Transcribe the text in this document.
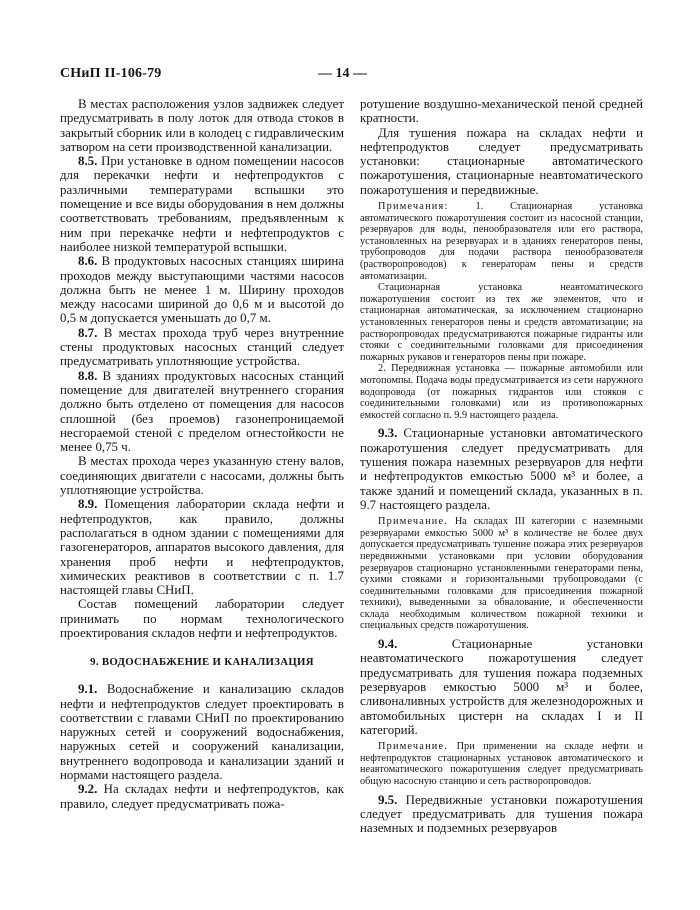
СНиП II-106-79	— 14 —

В местах расположения узлов задвижек следует предусматривать в полу лоток для отвода стоков в закрытый сборник или в колодец с гидравлическим затвором на сети производственной канализации.

8.5. При установке в одном помещении насосов для перекачки нефти и нефтепродуктов с различными температурами вспышки это помещение и все виды оборудования в нем должны соответствовать требованиям, предъявленным к ним при перекачке нефти и нефтепродуктов с наиболее низкой температурой вспышки.

8.6. В продуктовых насосных станциях ширина проходов между выступающими частями насосов должна быть не менее 1 м. Ширину проходов между насосами шириной до 0,6 м и высотой до 0,5 м допускается уменьшать до 0,7 м.

8.7. В местах прохода труб через внутренние стены продуктовых насосных станций следует предусматривать уплотняющие устройства.

8.8. В зданиях продуктовых насосных станций помещение для двигателей внутреннего сгорания должно быть отделено от помещения для насосов сплошной (без проемов) газонепроницаемой несгораемой стеной с пределом огнестойкости не менее 0,75 ч.

В местах прохода через указанную стену валов, соединяющих двигатели с насосами, должны быть уплотняющие устройства.

8.9. Помещения лаборатории склада нефти и нефтепродуктов, как правило, должны располагаться в одном здании с помещениями для газогенераторов, аппаратов высокого давления, для хранения проб нефти и нефтепродуктов, химических реактивов в соответствии с п. 1.7 настоящей главы СНиП.

Состав помещений лаборатории следует принимать по нормам технологического проектирования складов нефти и нефтепродуктов.

9. ВОДОСНАБЖЕНИЕ И КАНАЛИЗАЦИЯ

9.1. Водоснабжение и канализацию складов нефти и нефтепродуктов следует проектировать в соответствии с главами СНиП по проектированию наружных сетей и сооружений водоснабжения, наружных сетей и сооружений канализации, внутреннего водопровода и канализации зданий и нормами настоящего раздела.

9.2. На складах нефти и нефтепродуктов, как правило, следует предусматривать пожа-

ротушение воздушно-механической пеной средней кратности.

Для тушения пожара на складах нефти и нефтепродуктов следует предусматривать установки: стационарные автоматического пожаротушения, стационарные неавтоматического пожаротушения и передвижные.

Примечания:	1. Стационарная установка автоматического пожаротушения состоит из насосной станции, резервуаров для воды, пенообразователя или его раствора, установленных на резервуарах и в зданиях генераторов пены, трубопроводов для подачи раствора пенообразователя (растворопроводов) к генераторам пены и средств автоматизации.

Стационарная установка неавтоматического пожаротушения состоит из тех же элементов, что и стационарная автоматическая, за исключением стационарно установленных генераторов пены и средств автоматизации; на растворопроводах предусматриваются пожарные гидранты или стояки с соединительными головками для присоединения пожарных рукавов и генераторов пены при пожаре.

2. Передвижная установка — пожарные автомобили или мотопомпы. Подача воды предусматривается из сети наружного водопровода (от пожарных гидрантов или стояков с соединительными головками) или из противопожарных емкостей согласно п. 9.9 настоящего раздела.

9.3. Стационарные установки автоматического пожаротушения следует предусматривать для тушения пожара наземных резервуаров для нефти и нефтепродуктов емкостью 5000 м³ и более, а также зданий и помещений склада, указанных в п. 9.7 настоящего раздела.

Примечание. На складах III категории с наземными резервуарами емкостью 5000 м³ в количестве не более двух допускается предусматривать тушение пожара этих резервуаров передвижными установками при условии оборудования резервуаров стационарно установленными генераторами пены, сухими стояками и горизонтальными трубопроводами (с соединительными головками для присоединения пожарной техники), выведенными за обвалование, и обеспеченности склада необходимым количеством пожарной техники и специальных средств пожаротушения.

9.4.	Стационарные установки неавтоматического пожаротушения следует предусматривать для тушения пожара подземных резервуаров емкостью 5000 м³ и более, сливоналивных устройств для железнодорожных и автомобильных цистерн на складах I и II категорий.

Примечание. При применении на складе нефти и нефтепродуктов стационарных установок автоматического и неавтоматического пожаротушения следует предусматривать общую насосную станцию и сеть растворопроводов.

9.5. Передвижные установки пожаротушения следует предусматривать для тушения пожара наземных и подземных резервуаров
